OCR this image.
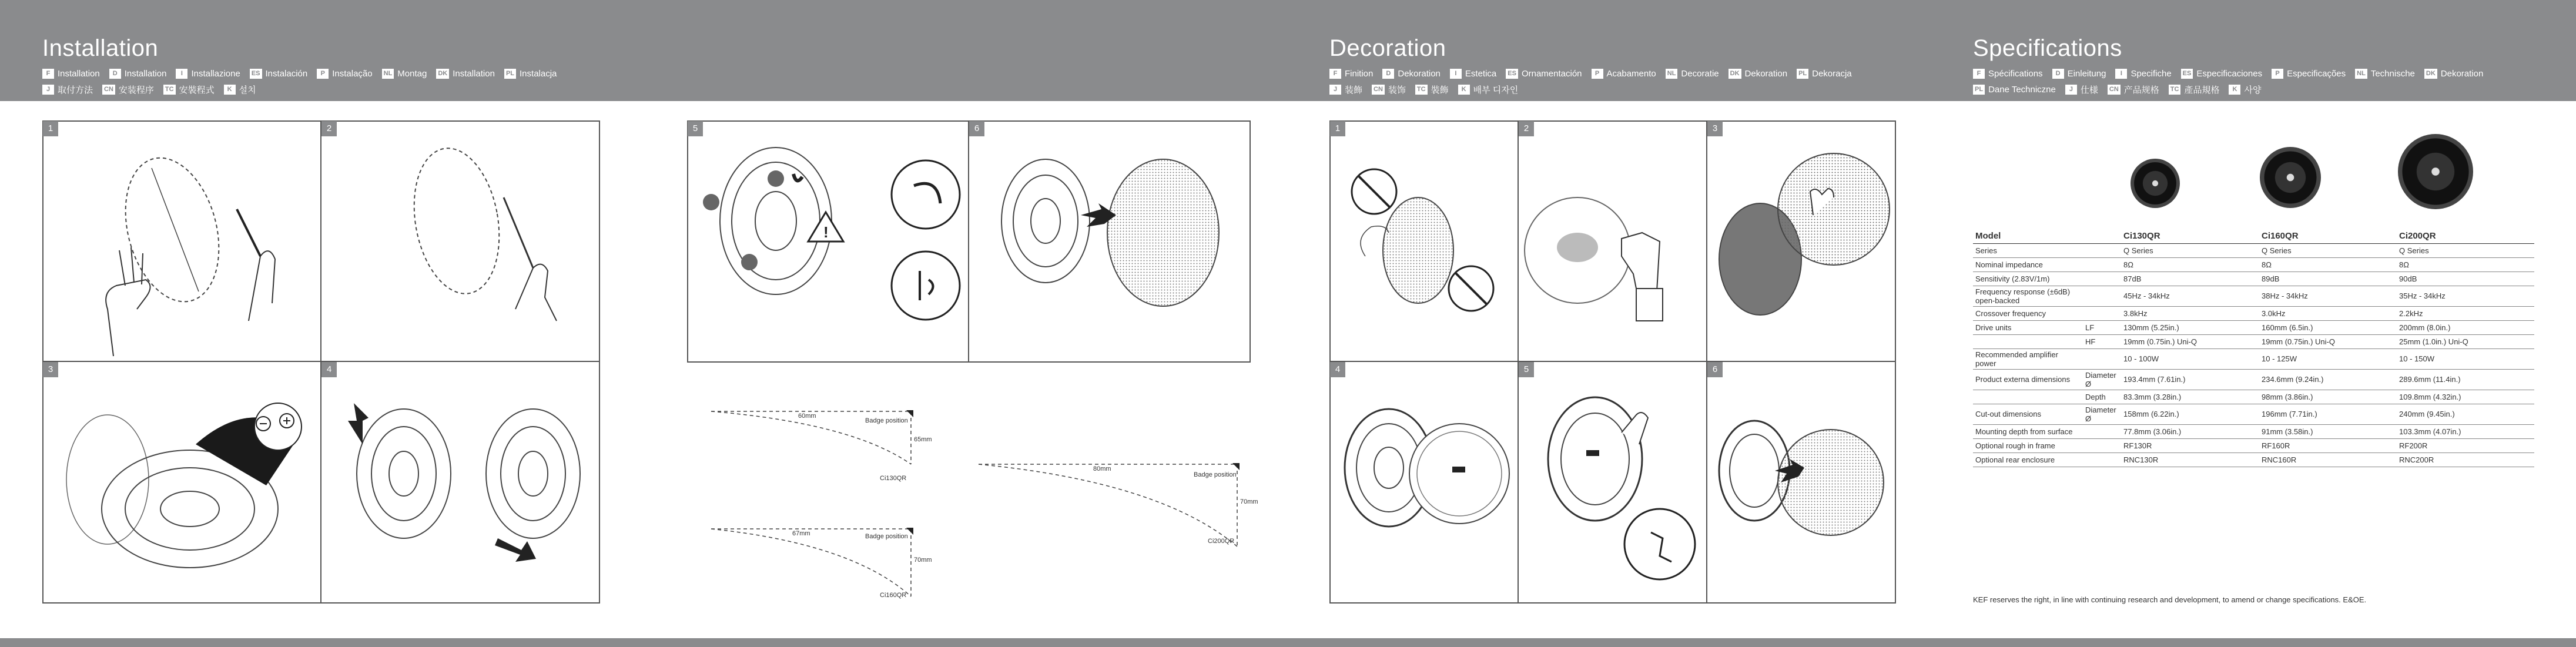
Installation
F Installation	D Installation	I Installazione ES Instalación	P Instalação NL Montag DK Installation PL Instalacja
J 取付方法 CN 安装程序 TC 安裝程式	K 설치
1	2
3	4
5
!
6
60mm
Badge position
Ci130QR
65mm
67mm	Badge position
Ci160QR
70mm
80mm
Badge position
Ci200QR
70mm
Decoration
F Finition	D Dekoration	I Estetica ES Ornamentación	P Acabamento NL Decoratie DK Dekoration PL Dekoracja
J 装飾 CN 装饰 TC 裝飾	K 배부 디자인
1	2	3
4	5	6
Specifications
F Spécifications	D Einleitung	I Specifiche ES Especificaciones	P Especificações NL Technische DK Dekoration
PL Dane Techniczne	J 仕様 CN 产品规格 TC 產品規格	K 사양
Model		Ci130QR	Ci160QR	Ci200QR
Series		Q Series	Q Series	Q Series
Nominal impedance		8Ω	8Ω	8Ω
Sensitivity (2.83V/1m)		87dB	89dB	90dB
Frequency response (±6dB) open-backed		45Hz - 34kHz	38Hz - 34kHz	35Hz - 34kHz
Crossover frequency		3.8kHz	3.0kHz	2.2kHz
Drive units	LF	130mm (5.25in.)	160mm (6.5in.)	200mm (8.0in.)
	HF	19mm (0.75in.) Uni-Q	19mm (0.75in.) Uni-Q	25mm (1.0in.) Uni-Q
Recommended amplifier power		10 - 100W	10 - 125W	10 - 150W
Product externa dimensions	Diameter Ø	193.4mm (7.61in.)	234.6mm (9.24in.)	289.6mm (11.4in.)
	Depth	83.3mm (3.28in.)	98mm (3.86in.)	109.8mm (4.32in.)
Cut-out dimensions	Diameter Ø	158mm (6.22in.)	196mm (7.71in.)	240mm (9.45in.)
Mounting depth from surface		77.8mm (3.06in.)	91mm (3.58in.)	103.3mm (4.07in.)
Optional rough in frame		RF130R	RF160R	RF200R
Optional rear enclosure		RNC130R	RNC160R	RNC200R
KEF reserves the right, in line with continuing research and development, to amend or change specifications. E&OE.
